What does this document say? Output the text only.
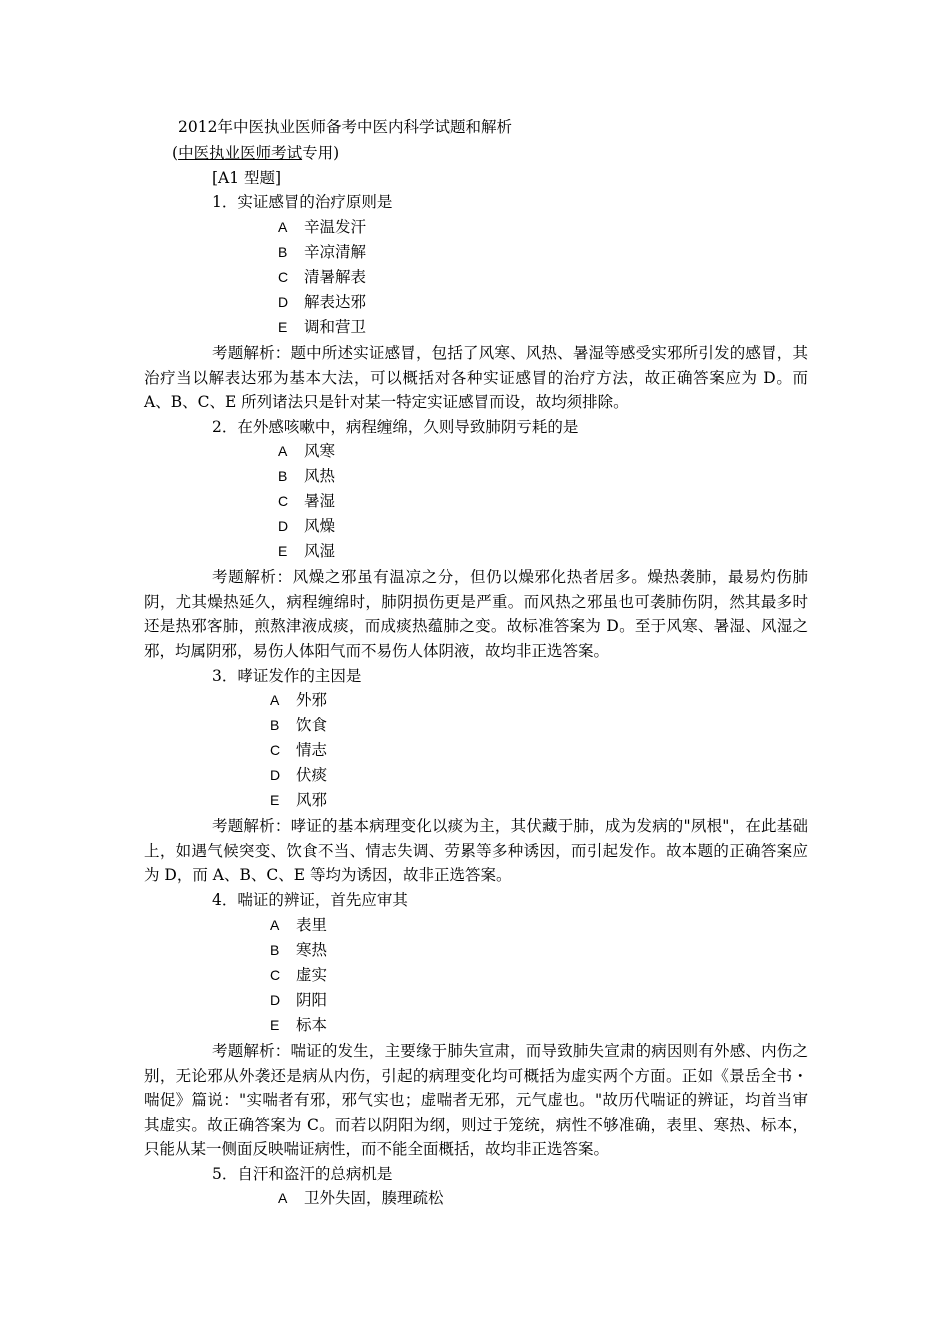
2012年中医执业医师备考中医内科学试题和解析
(中医执业医师考试专用)
[A1 型题]
1．实证感冒的治疗原则是
A 辛温发汗
B 辛凉清解
C 清暑解表
D 解表达邪
E 调和营卫
考题解析：题中所述实证感冒，包括了风寒、风热、暑湿等感受实邪所引发的感冒，其治疗当以解表达邪为基本大法，可以概括对各种实证感冒的治疗方法，故正确答案应为 D。而 A、B、C、E 所列诸法只是针对某一特定实证感冒而设，故均须排除。
2．在外感咳嗽中，病程缠绵，久则导致肺阴亏耗的是
A 风寒
B 风热
C 暑湿
D 风燥
E 风湿
考题解析：风燥之邪虽有温凉之分，但仍以燥邪化热者居多。燥热袭肺，最易灼伤肺阴，尤其燥热延久，病程缠绵时，肺阴损伤更是严重。而风热之邪虽也可袭肺伤阴，然其最多时还是热邪客肺，煎熬津液成痰，而成痰热蕴肺之变。故标准答案为 D。至于风寒、暑湿、风湿之邪，均属阴邪，易伤人体阳气而不易伤人体阴液，故均非正选答案。
3．哮证发作的主因是
A 外邪
B 饮食
C 情志
D 伏痰
E 风邪
考题解析：哮证的基本病理变化以痰为主，其伏藏于肺，成为发病的"夙根"，在此基础上，如遇气候突变、饮食不当、情志失调、劳累等多种诱因，而引起发作。故本题的正确答案应为 D，而 A、B、C、E 等均为诱因，故非正选答案。
4．喘证的辨证，首先应审其
A 表里
B 寒热
C 虚实
D 阴阳
E 标本
考题解析：喘证的发生，主要缘于肺失宣肃，而导致肺失宣肃的病因则有外感、内伤之别，无论邪从外袭还是病从内伤，引起的病理变化均可概括为虚实两个方面。正如《景岳全书・喘促》篇说："实喘者有邪，邪气实也；虚喘者无邪，元气虚也。"故历代喘证的辨证，均首当审其虚实。故正确答案为 C。而若以阴阳为纲，则过于笼统，病性不够准确，表里、寒热、标本，只能从某一侧面反映喘证病性，而不能全面概括，故均非正选答案。
5．自汗和盗汗的总病机是
A 卫外失固，腠理疏松
